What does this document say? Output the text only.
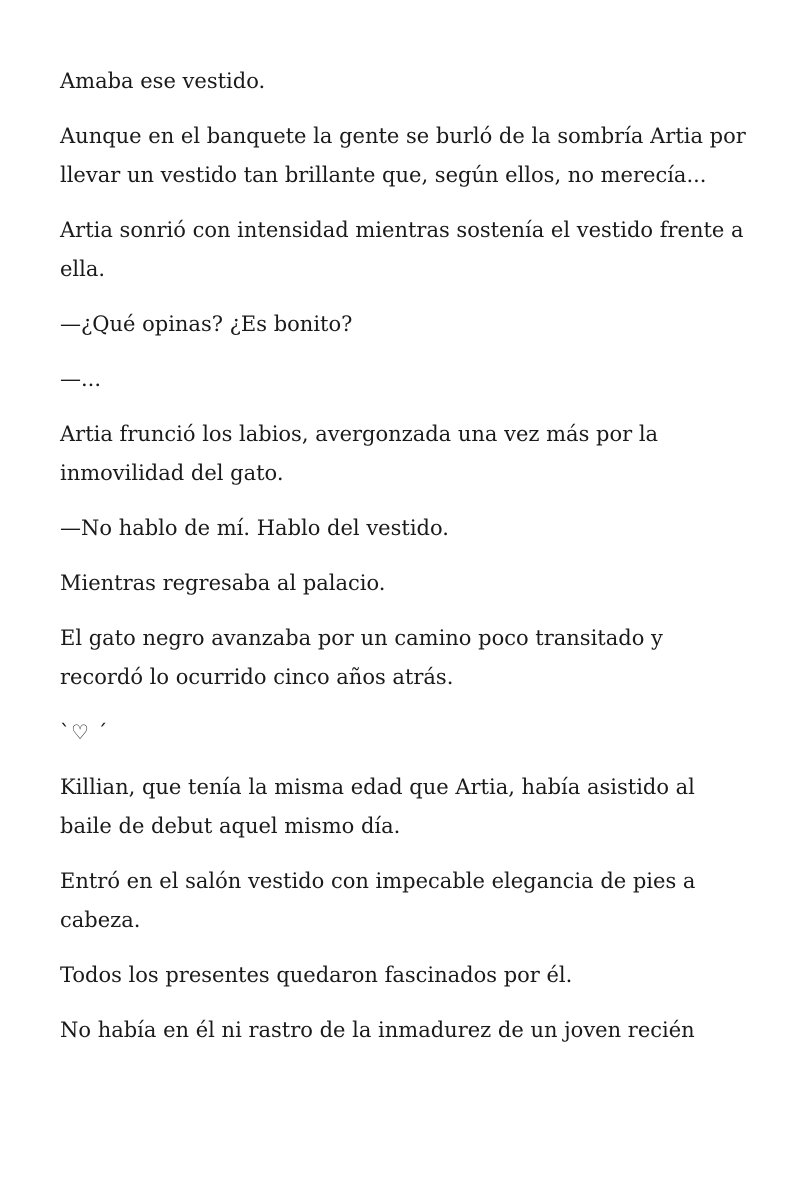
Amaba ese vestido.

Aunque en el banquete la gente se burló de la sombría Artia por llevar un vestido tan brillante que, según ellos, no merecía...

Artia sonrió con intensidad mientras sostenía el vestido frente a ella.

—¿Qué opinas? ¿Es bonito?

—...

Artia frunció los labios, avergonzada una vez más por la inmovilidad del gato.

—No hablo de mí. Hablo del vestido.

Mientras regresaba al palacio.

El gato negro avanzaba por un camino poco transitado y recordó lo ocurrido cinco años atrás.

⁠`⁠♡ ⁠´⁠

Killian, que tenía la misma edad que Artia, había asistido al baile de debut aquel mismo día.

Entró en el salón vestido con impecable elegancia de pies a cabeza.

Todos los presentes quedaron fascinados por él.

No había en él ni rastro de la inmadurez de un joven recién
